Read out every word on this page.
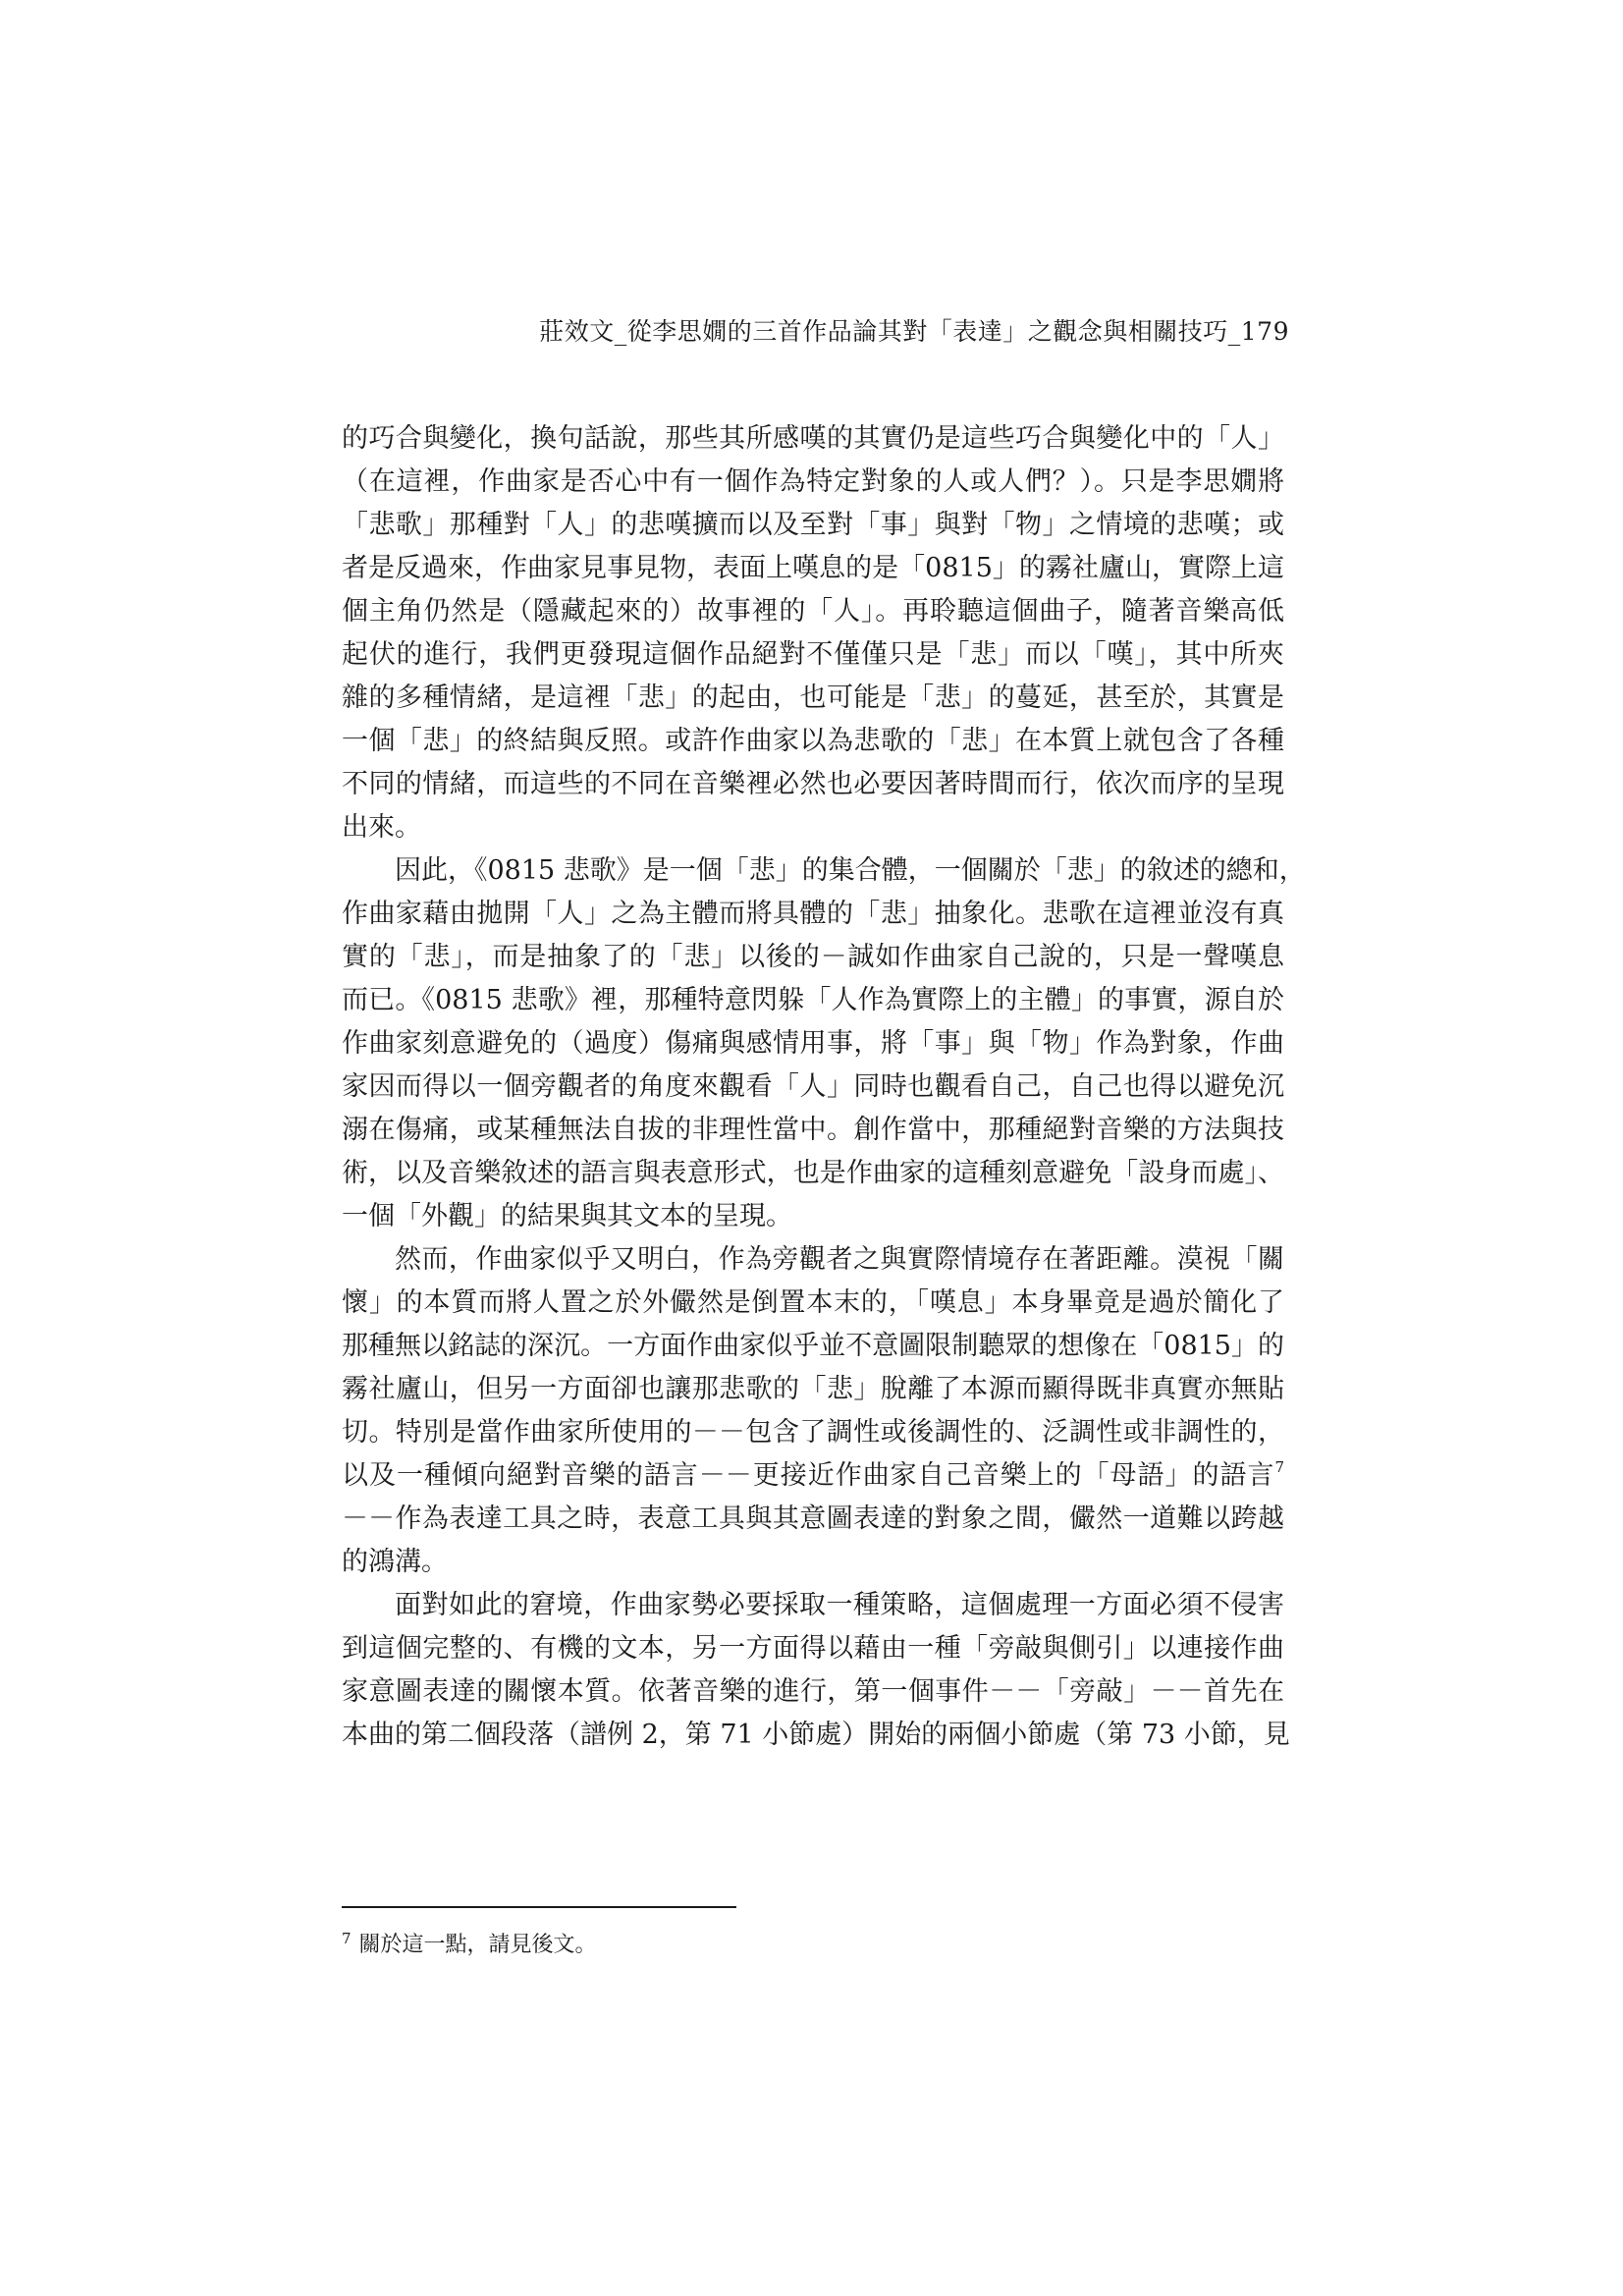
莊效文_從李思嫺的三首作品論其對「表達」之觀念與相關技巧_179
的巧合與變化，換句話說，那些其所感嘆的其實仍是這些巧合與變化中的「人」
（在這裡，作曲家是否心中有一個作為特定對象的人或人們？）。只是李思嫺將
「悲歌」那種對「人」的悲嘆擴而以及至對「事」與對「物」之情境的悲嘆；或
者是反過來，作曲家見事見物，表面上嘆息的是「0815」的霧社廬山，實際上這
個主角仍然是（隱藏起來的）故事裡的「人」。再聆聽這個曲子，隨著音樂高低
起伏的進行，我們更發現這個作品絕對不僅僅只是「悲」而以「嘆」，其中所夾
雜的多種情緒，是這裡「悲」的起由，也可能是「悲」的蔓延，甚至於，其實是
一個「悲」的終結與反照。或許作曲家以為悲歌的「悲」在本質上就包含了各種
不同的情緒，而這些的不同在音樂裡必然也必要因著時間而行，依次而序的呈現
出來。
因此，《0815 悲歌》是一個「悲」的集合體，一個關於「悲」的敘述的總和，
作曲家藉由拋開「人」之為主體而將具體的「悲」抽象化。悲歌在這裡並沒有真
實的「悲」，而是抽象了的「悲」以後的－誠如作曲家自己說的，只是一聲嘆息
而已。《0815 悲歌》裡，那種特意閃躲「人作為實際上的主體」的事實，源自於
作曲家刻意避免的（過度）傷痛與感情用事，將「事」與「物」作為對象，作曲
家因而得以一個旁觀者的角度來觀看「人」同時也觀看自己，自己也得以避免沉
溺在傷痛，或某種無法自拔的非理性當中。創作當中，那種絕對音樂的方法與技
術，以及音樂敘述的語言與表意形式，也是作曲家的這種刻意避免「設身而處」、
一個「外觀」的結果與其文本的呈現。
然而，作曲家似乎又明白，作為旁觀者之與實際情境存在著距離。漠視「關
懷」的本質而將人置之於外儼然是倒置本末的，「嘆息」本身畢竟是過於簡化了
那種無以銘誌的深沉。一方面作曲家似乎並不意圖限制聽眾的想像在「0815」的
霧社廬山，但另一方面卻也讓那悲歌的「悲」脫離了本源而顯得既非真實亦無貼
切。特別是當作曲家所使用的－－包含了調性或後調性的、泛調性或非調性的，
以及一種傾向絕對音樂的語言－－更接近作曲家自己音樂上的「母語」的語言$^7$
－－作為表達工具之時，表意工具與其意圖表達的對象之間，儼然一道難以跨越
的鴻溝。
面對如此的窘境，作曲家勢必要採取一種策略，這個處理一方面必須不侵害
到這個完整的、有機的文本，另一方面得以藉由一種「旁敲與側引」以連接作曲
家意圖表達的關懷本質。依著音樂的進行，第一個事件－－「旁敲」－－首先在
本曲的第二個段落（譜例 2，第 71 小節處）開始的兩個小節處（第 73 小節，見
$^7$ 關於這一點，請見後文。
